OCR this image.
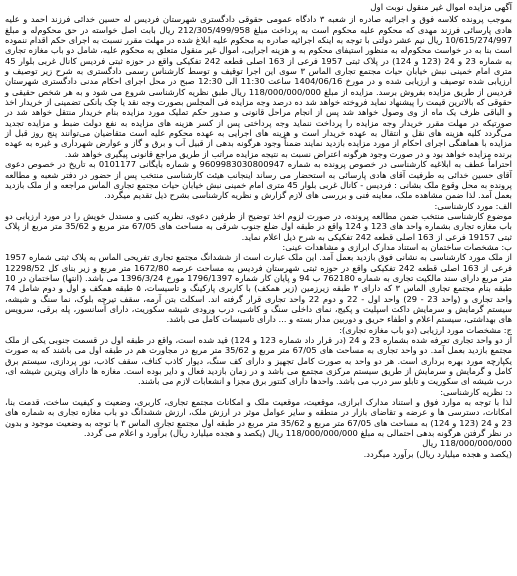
آگهی مزایده اموال غیر منقول نوبت اول

بموجب پرونده کلاسه فوق و اجرائیه صادره از شعبه ۳ دادگاه عمومی حقوقی دادگستری شهرستان فردیس له حسین خدائی فرزند احمد و علیه هادی پارسائی فرزند مهدی که محکوم علیه محکوم است به پرداخت مبلغ 212/305/499/958 ریال بابت اصل خواسته در حق محکوم‌له و مبلغ 10/615/274/997 ریال نیم عشر دولتی با توجه به اینکه اجرائیه صادره به محکوم علیه ابلاغ شده در مهلت مقرر نسبت به اجرای حکم اقدام ننموده است بنا به در خواست محکوم‌له به منظور استیفای محکوم به و هزینه اجرایی، اموال غیر منقول متعلق به محکوم علیه، شامل دو باب مغازه تجاری به شماره 23 و 24 (123 و 124) در پلاک ثبتی 1957 فرعی از 163 اصلی قطعه 242 تفکیکی واقع در حوزه ثبتی فردیس کانال غربی بلوار 45 متری امام خمینی نبش خیابان حیات مجتمع تجاری الماس ۳ سوی این اجرا توقیف و توسط کارشناس رسمی دادگستری به شرح زیر توصیف و ارزیابی شده توصیف و ارزیابی شده و در مورخ 1404/06/16 ساعت 11:30 الی 12:30 صبح در محل اجرای احکام مدنی دادگستری شهرستان فردیس از طریق مزایده بفروش برسد. مزایده از مبلغ 118/000/000/000 ریال طبق نظریه کارشناسی شروع می شود و به هر شخص حقیقی و حقوقی که بالاترین قیمت را پیشنهاد نماید فروخته خواهد شد ده درصد وجه مزایده فی المجلس بصورت وجه نقد یا چک بانکی تضمینی از خریدار اخذ و الباقی ظرف یک ماه از وی وصول خواهد شد پس از انجام مراحل قانونی و صدور حکم تملیک مورد مزایده بنام خریدار منتقل خواهد شد در صورتیکه در مهلت مقرر خریدار وجه مزایده را پرداخت ننماید وجه پرداختی پس از کسر هزینه های مزایده به نفع دولت ضبط و مزایده تجدید می‌گردد کلیه هزینه های نقل و انتقال به عهده خریدار است و هزینه های اجرایی به عهده محکوم علیه است متقاضیان می‌توانند پنج روز قبل از مزایده با هماهنگی اجرای احکام از مورد مزایده بازدید نمایند ضمناً وجود هرگونه بدهی از قبیل آب و برق و گاز و عوارض شهرداری و غیره به عهده برنده مزایده خواهد بود و در صورت وجود هرگونه اعتراض نسبت به نتیجه مزایده مراتب از طریق مراجع قانونی پیگیری خواهد شد.

احتراماً عطف به ابلاغیه کارشناسی در خصوص پرونده به شماره 9609983030800947 و شماره بایگانی 0101177 به تاریخ در خصوص دعوی آقای حسین خدائی به طرفیت آقای هادی پارسائی به استحضار می رساند اینجانب هیئت کارشناسی منتخب پس از حضور در دفتر شعبه و مطالعه پرونده به محل وقوع ملک بشانی : فردیس - کانال غربی بلوار 45 متری امام خمینی نبش خیابان حیات مجتمع تجاری الماس مراجعه و از ملک بازدید بعمل آمد. لذا ضمن مشاهده ملک، معاینه فنی و بررسی های لازم گزارش و نظریه کارشناسی بشرح ذیل تقدیم میگردد.

الف: مورد کارشناسی:

موضوع کارشناسی منتخب ضمن مطالعه پرونده، در صورت لزوم اخذ توضیح از طرفین دعوی، نظریه کتبی و مستدل خویش را در مورد ارزیابی دو باب مغازه تجاری بشماره واحد های 123 و 124 واقع در طبقه اول ضلع جنوب شرقی به مساحت های 67/05 متر مربع و 35/62 متر مربع از پلاک ثبتی 19157 فرعی از 163 اصلی قطعه 242 تفکیکی به شرح ذیل اعلام نماید.

ب: مشخصات ساختمان به استناد مدارک ابرازی و مشاهدات عینی:

از ملک مورد کارشناسی به نشانی فوق بازدید بعمل آمد. این ملک عبارت است از ششدانگ مجتمع تجاری تفریحی الماس به پلاک ثبتی شماره 1957 فرعی از 163 اصلی قطعه 242 تفکیکی واقع در حوزه ثبتی شهرستان فردیس به مساحت عرصه 1672/80 متر مربع و زیر بنای کل 12298/52 متر مربع دارای سند مالکیت تجاری به شماره 762180 ب 94 و پایان کار شماره 1796/1397 مورخ 1396/3/24 می باشد. (انتها) ساختمان در 10 طبقه بنام مجتمع تجاری الماس ۳ که دارای ۳ طبقه زیرزمین (زیر همکف) با کاربری پارکینگ و تاسیسات، ۵ طبقه همکف و اول و دوم شامل 74 واحد تجاری و (واحد 23 - 29) واحد اول - 22 و دوم 22 واحد تجاری قرار گرفته اند. اسکلت بتن آرمه، سقف تیرچه بلوک، نما سنگ و شیشه، سیستم گرمایش و سرمایش داکت اسپلیت و پکیج، نمای داخلی سنگ و کاشی، درب ورودی شیشه سکوریت، دارای آسانسور، پله برقی، سرویس های بهداشتی، سیستم اعلام و اطفاء حریق و دوربین مدار بسته و ... دارای تاسیسات کامل می باشد.

ج: مشخصات مورد ارزیابی (دو باب مغازه تجاری):

از دو واحد تجاری تعرفه شده بشماره 23 و 24 (در قرار داد شماره 123 و 124) قید شده است، واقع در طبقه اول در قسمت جنوبی یکی از ملک مجتمع بازدید بعمل آمد. دو واحد تجاری به مساحت های 67/05 متر مربع و 35/62 متر مربع در مجاورت هم در طبقه اول می باشند که به صورت یکپارچه مورد بهره برداری است. هر دو واحد به صورت کامل تجهیز و دارای کف سنگ، دیوار کاذب کناف، سقف کاذب، نور پردازی، سیستم برق کامل و گرمایش و سرمایش از طریق سیستم مرکزی مجتمع می باشد و در زمان بازدید فعال و دایر بوده است. مغازه ها دارای ویترین شیشه ای، درب شیشه ای سکوریت و تابلو سر درب می باشد. واحدها دارای کنتور برق مجزا و انشعابات لازم می باشند.

د: نظریه کارشناسی:

لذا با توجه به موارد فوق و استناد مدارک ابرازی، موقعیت، موقعیت ملک و امکانات مجتمع تجاری، کاربری، وضعیت و کیفیت ساخت، قدمت بنا، امکانات، دسترسی ها و عرضه و تقاضای بازار در منطقه و سایر عوامل موثر در ارزش ملک، ارزش ششدانگ دو باب مغازه تجاری به شماره های 23 و 24 (123 و 124) به مساحت های 67/05 متر مربع و 35/62 متر مربع در طبقه اول مجتمع تجاری الماس ۳ با توجه به وضعیت موجود و بدون در نظر گرفتن هرگونه بدهی احتمالی به مبلغ 118/000/000/000 ریال (یکصد و هجده میلیارد ریال) برآورد و اعلام می گردد.

118/000/000/000 ریال

(یکصد و هجده میلیارد ریال) برآورد میگردد.
